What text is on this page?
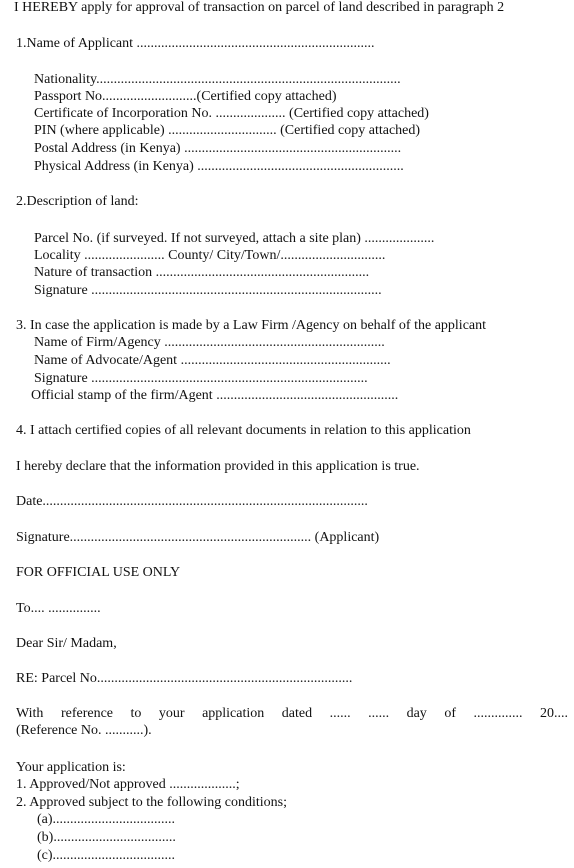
I HEREBY apply for approval of transaction on parcel of land described in paragraph 2
1.Name of Applicant ....................................................................
Nationality.......................................................................................
Passport No...........................(Certified copy attached)
Certificate of Incorporation No. .................... (Certified copy attached)
PIN (where applicable) ............................... (Certified copy attached)
Postal Address (in Kenya) ..............................................................
Physical Address (in Kenya) ...........................................................
2.Description of land:
Parcel No. (if surveyed. If not surveyed, attach a site plan) ....................
Locality ....................... County/ City/Town/..............................
Nature of transaction .............................................................
Signature ...................................................................................
3. In case the application is made by a Law Firm /Agency on behalf of the applicant
Name of Firm/Agency ...............................................................
Name of Advocate/Agent ............................................................
Signature ...............................................................................
Official stamp of the firm/Agent ....................................................
4. I attach certified copies of all relevant documents in relation to this application
I hereby declare that the information provided in this application is true.
Date.............................................................................................
Signature..................................................................... (Applicant)
FOR OFFICIAL USE ONLY
To.... ...............
Dear Sir/ Madam,
RE: Parcel No.........................................................................
With reference to your application dated ...... ...... day of .............. 20....
(Reference No. ...........).
Your application is:
1. Approved/Not approved ...................;
2. Approved subject to the following conditions;
(a)...................................
(b)...................................
(c)...................................
